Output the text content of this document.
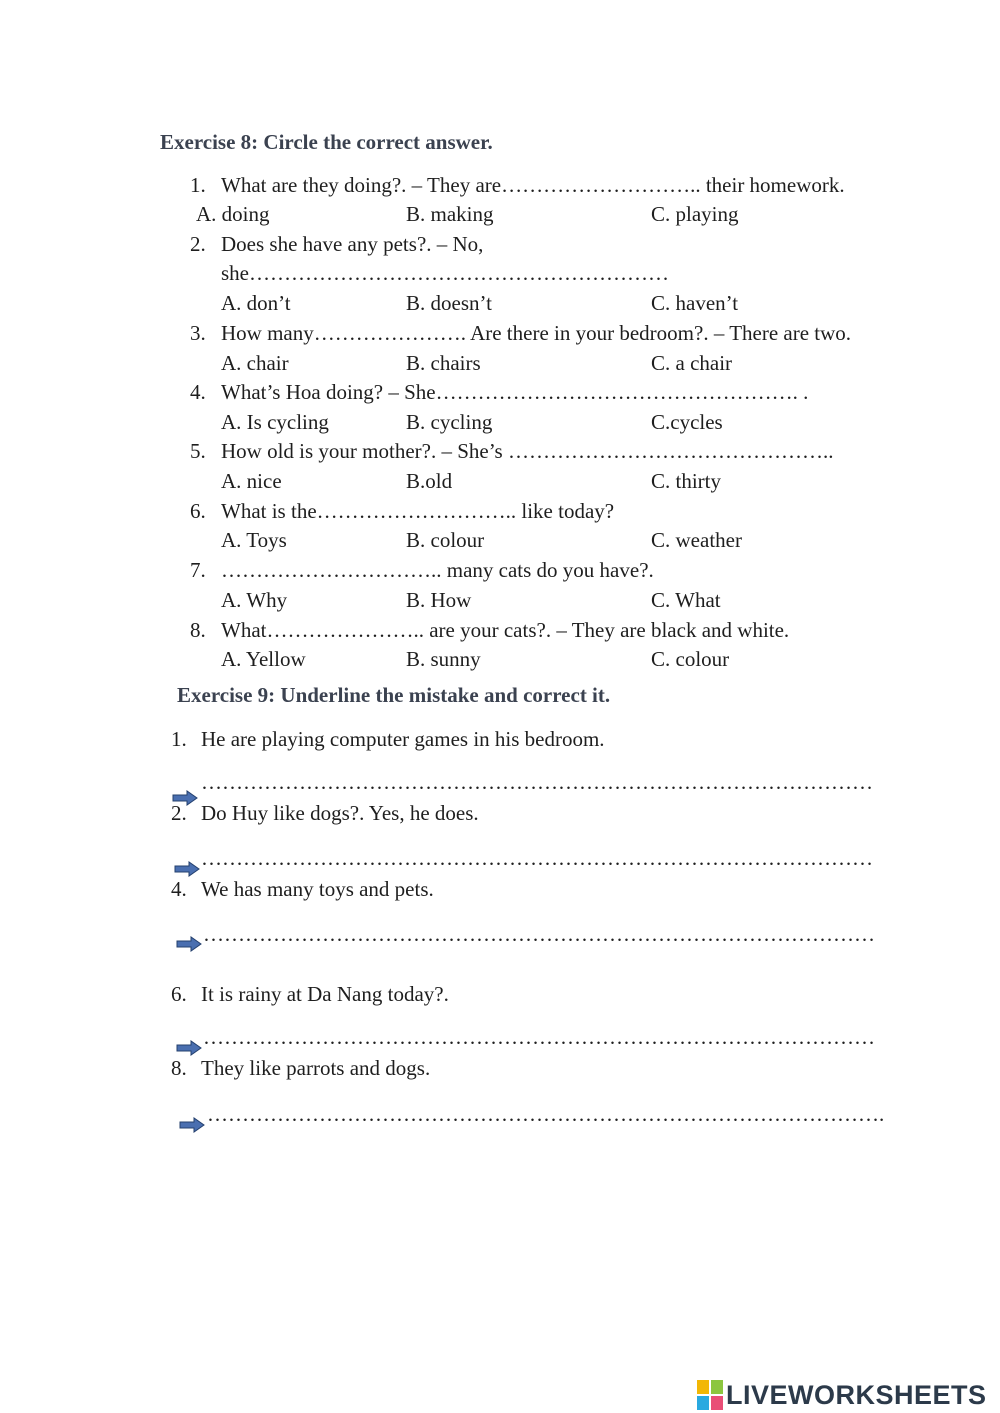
Exercise 8: Circle the correct answer.
1. What are they doing?. – They are……………………….. their homework.
A. doing	B. making	C. playing
2. Does she have any pets?. – No,
she……………………………………………………
A. don’t	B. doesn’t	C. haven’t
3. How many…………………. Are there in your bedroom?. – There are two.
A. chair	B. chairs	C. a chair
4. What’s Hoa doing? – She……………………………………………. .
A. Is cycling	B. cycling	C.cycles
5. How old is your mother?. – She’s ………………………………………..
A. nice	B.old	C. thirty
6. What is the……………………….. like today?
A. Toys	B. colour	C. weather
7. ………………………….. many cats do you have?.
A. Why	B. How	C. What
8. What………………….. are your cats?. – They are black and white.
A. Yellow	B. sunny	C. colour
Exercise 9: Underline the mistake and correct it.
1. He are playing computer games in his bedroom.
……………………………………………………………………………………
2. Do Huy like dogs?. Yes, he does.
……………………………………………………………………………………
4. We has many toys and pets.
……………………………………………………………………………………
6. It is rainy at Da Nang today?.
……………………………………………………………………………………
8. They like parrots and dogs.
…………………………………………………………………………………….
LIVEWORKSHEETS
